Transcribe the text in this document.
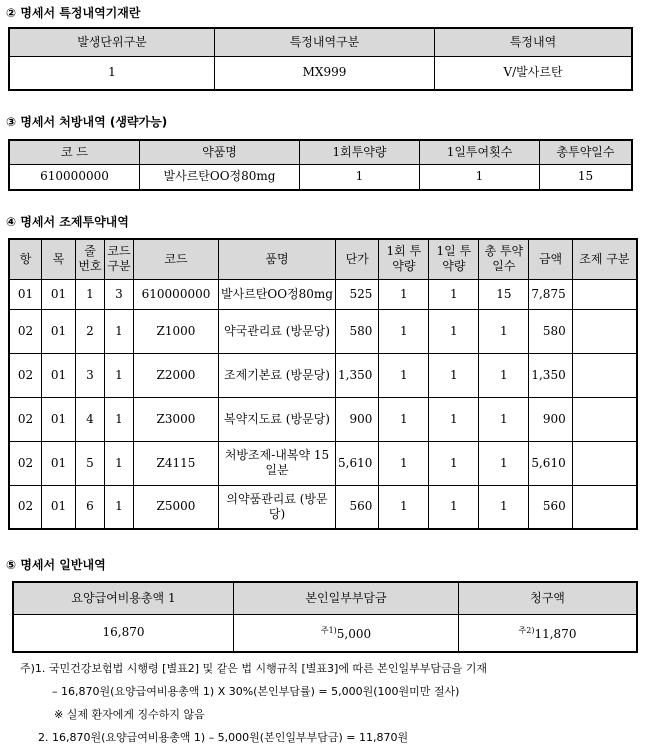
② 명세서 특정내역기재란
발생단위구분	특정내역구분	특정내역
1	MX999	V/발사르탄
③ 명세서 처방내역 (생략가능)
코 드	약품명	1회투약량	1일투여횟수	총투약일수
610000000	발사르탄OO정80mg	1	1	15
④ 명세서 조제투약내역
항	목	줄 번호	코드 구분	코드	품명	단가	1회 투약량	1일 투약량	총 투약일수	금액	조제 구분
01	01	1	3	610000000	발사르탄OO정80mg	525	1	1	15	7,875	
02	01	2	1	Z1000	약국관리료 (방문당)	580	1	1	1	580	
02	01	3	1	Z2000	조제기본료 (방문당)	1,350	1	1	1	1,350	
02	01	4	1	Z3000	복약지도료 (방문당)	900	1	1	1	900	
02	01	5	1	Z4115	처방조제-내복약 15일분	5,610	1	1	1	5,610	
02	01	6	1	Z5000	의약품관리료 (방문당)	560	1	1	1	560	
⑤ 명세서 일반내역
요양급여비용총액 1	본인일부부담금	청구액
16,870	$^{주1)}$5,000	$^{주2)}$11,870
주)1. 국민건강보험법 시행령 [별표2] 및 같은 법 시행규칙 [별표3]에 따른 본인일부부담금을 기재
– 16,870원(요양급여비용총액 1) X 30%(본인부담률) = 5,000원(100원미만 절사)
※ 실제 환자에게 징수하지 않음
2. 16,870원(요양급여비용총액 1) – 5,000원(본인일부부담금) = 11,870원
